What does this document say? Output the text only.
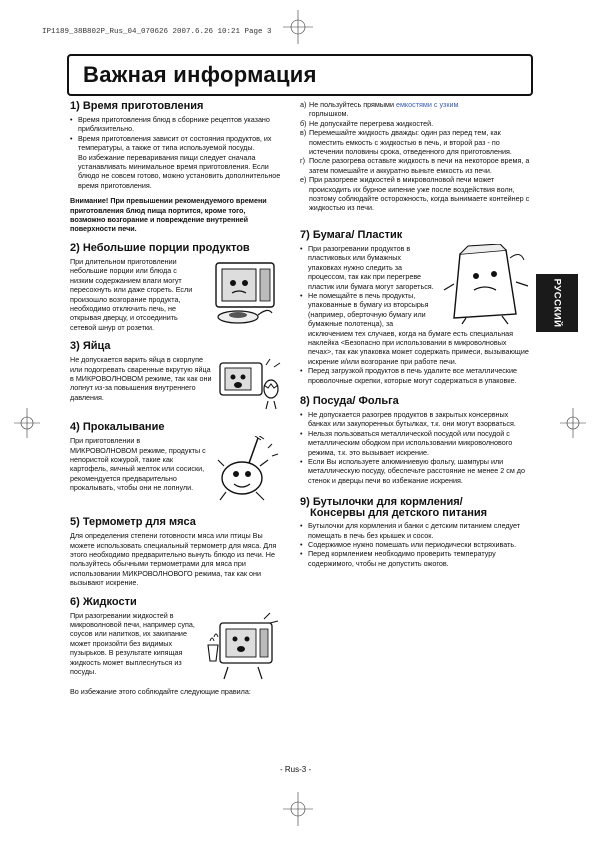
IP1189_38B802P_Rus_04_070626 2007.6.26 10:21 Page 3
Важная информация
РУССКИЙ
1) Время приготовления
• Время приготовления блюд в сборнике рецептов указано приблизительно.
• Время приготовления зависит от состояния продуктов, их температуры, а также от типа используемой посуды.

Во избежание переваривания пищи следует сначала устанавливать минимальное время приготовления. Если блюдо не совсем готово, можно установить дополнительное время приготовления.

Внимание! При превышении рекомендуемого времени приготовления блюд пища портится, кроме того, возможно возгорание и повреждение внутренней поверхности печи.

2) Небольшие порции продуктов

При длительном приготовлении небольшие порции или блюда с низким содержанием влаги могут пересохнуть или даже сгореть. Если произошло возгорание продукта, необходимо отключить печь, не открывая дверцу, и отсоединить сетевой шнур от розетки.

3) Яйца

Не допускается варить яйца в скорлупе или подогревать сваренные вкрутую яйца в МИКРОВОЛНОВОМ режиме, так как они лопнут из-за повышения внутреннего давления.

4) Прокалывание

При приготовлении в МИКРОВОЛНОВОМ режиме, продукты с непористой кожурой, такие как картофель, яичный желток или сосиски, рекомендуется предварительно прокалывать, чтобы они не лопнули.

5) Термометр для мяса

Для определения степени готовности мяса или птицы Вы можете использовать специальный термометр для мяса. Для этого необходимо предварительно вынуть блюдо из печи. Не пользуйтесь обычными термометрами для мяса при использовании МИКРОВОЛНОВОГО режима, так как они вызывают искрение.

6) Жидкости

При разогревании жидкостей в микроволновой печи, например супа, соусов или напитков, их закипание может произойти без видимых пузырьков. В результате кипящая жидкость может выплеснуться из посуды.

Во избежание этого соблюдайте следующие правила:

а) Не пользуйтесь прямыми емкостями с узким
горлышком.
б) Не допускайте перегрева жидкостей.
в) Перемешайте жидкость дважды: один раз перед тем, как поместить емкость с жидкостью в печь, и второй раз - по истечении половины срока, отведенного для приготовления.
г) После разогрева оставьте жидкость в печи на некоторое время, а затем помешайте и аккуратно выньте емкость из печи.
е) При разогреве жидкостей в микроволновой печи может происходить их бурное кипение уже после воздействия волн, поэтому соблюдайте осторожность, когда вынимаете контейнер с жидкостью из печи.
7) Бумага/ Пластик
• При разогревании продуктов в пластиковых или бумажных упаковках нужно следить за процессом, так как при перегреве пластик или бумага могут загореться.
• Не помещайте в печь продукты, упакованные в бумагу из вторсырья (например, оберточную бумагу или бумажные полотенца), за исключением тех случаев, когда на бумаге есть специальная наклейка <Безопасно при использовании в микроволновых печах>, так как упаковка может содержать примеси, вызывающие искрение и/или возгорание при работе печи.
• Перед загрузкой продуктов в печь удалите все металлические проволочные скрепки, которые могут содержаться в упаковке.
8) Посуда/ Фольга
• Не допускается разогрев продуктов в закрытых консервных банках или закупоренных бутылках, т.к. они могут взорваться.
• Нельзя пользоваться металлической посудой или посудой с металлическим ободком при использовании микроволнового режима, т.к. это вызывает искрение.
• Если Вы используете алюминиевую фольгу, шампуры или металлическую посуду, обеспечьте расстояние не менее 2 см до стенок и дверцы печи во избежание искрения.
9) Бутылочки для кормления/
Консервы для детского питания
• Бутылочки для кормления и банки с детским питанием следует помещать в печь без крышек и сосок.
• Содержимое нужно помешать или периодически встряхивать.
• Перед кормлением необходимо проверить температуру содержимого, чтобы не допустить ожогов.
- Rus-3 -
